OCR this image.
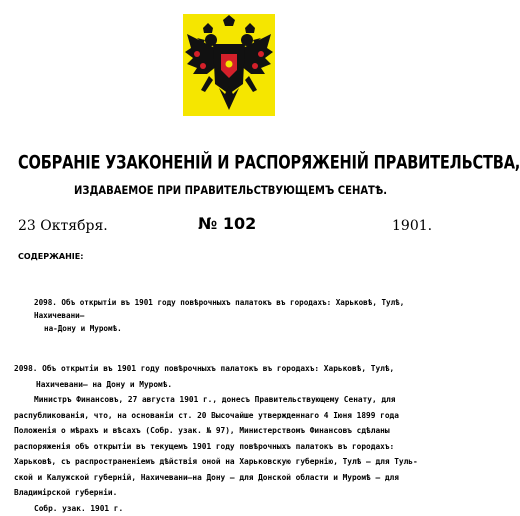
СОБРАНІЕ УЗАКОНЕНІЙ И РАСПОРЯЖЕНІЙ ПРАВИТЕЛЬСТВА,
ИЗДАВАЕМОЕ ПРИ ПРАВИТЕЛЬСТВУЮЩЕМЪ СЕНАТѢ.
23 Октября.	№ 102	1901.
СОДЕРЖАНІЕ:
2098. Объ открытіи въ 1901 году повѣрочныхъ палатокъ въ городахъ: Харьковѣ, Тулѣ, Нахичевани—
на-Дону и Муромѣ.
2098. Объ открытіи въ 1901 году повѣрочныхъ палатокъ въ городахъ: Харьковѣ, Тулѣ,
Нахичевани— на Дону и Муромѣ.
Министръ Финансовъ, 27 августа 1901 г., донесъ Правительствующему Сенату, для
распубликованія, что, на основаніи ст. 20 Высочайше утвержденнаго 4 Іюня 1899 года
Положенія о мѣрахъ и вѣсахъ (Собр. узак. № 97), Министерствомъ Финансовъ сдѣланы
распоряженія объ открытіи въ текущемъ 1901 году повѣрочныхъ палатокъ въ городахъ:
Харьковѣ, съ распространеніемъ дѣйствія оной на Харьковскую губернію, Тулѣ — для Туль-
ской и Калужской губерній, Нахичевани—на Дону — для Донской области и Муромѣ — для
Владимірской губерніи.
Собр. узак. 1901 г.
